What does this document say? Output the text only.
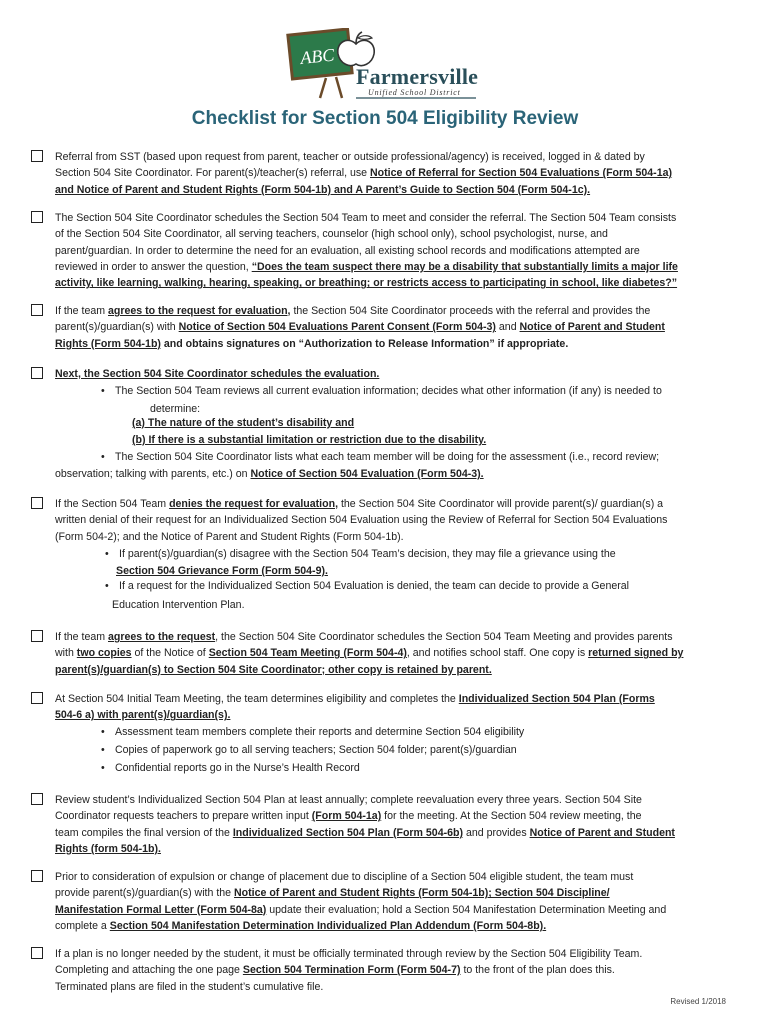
ABC
Farmersville
Unified School District
Checklist for Section 504 Eligibility Review
Referral from SST (based upon request from parent, teacher or outside professional/agency) is received, logged in & dated by
Section 504 Site Coordinator. For parent(s)/teacher(s) referral, use Notice of Referral for Section 504 Evaluations (Form 504-1a)
and Notice of Parent and Student Rights (Form 504-1b) and A Parent’s Guide to Section 504 (Form 504-1c).
The Section 504 Site Coordinator schedules the Section 504 Team to meet and consider the referral. The Section 504 Team consists
of the Section 504 Site Coordinator, all serving teachers, counselor (high school only), school psychologist, nurse, and
parent/guardian. In order to determine the need for an evaluation, all existing school records and modifications attempted are
reviewed in order to answer the question, “Does the team suspect there may be a disability that substantially limits a major life
activity, like learning, walking, hearing, speaking, or breathing; or restricts access to participating in school, like diabetes?”
If the team agrees to the request for evaluation, the Section 504 Site Coordinator proceeds with the referral and provides the
parent(s)/guardian(s) with Notice of Section 504 Evaluations Parent Consent (Form 504-3) and Notice of Parent and Student
Rights (Form 504-1b) and obtains signatures on “Authorization to Release Information” if appropriate.
Next, the Section 504 Site Coordinator schedules the evaluation.
• The Section 504 Team reviews all current evaluation information; decides what other information (if any) is needed to
determine:
(a) The nature of the student’s disability and
(b) If there is a substantial limitation or restriction due to the disability.
• The Section 504 Site Coordinator lists what each team member will be doing for the assessment (i.e., record review;
observation; talking with parents, etc.) on Notice of Section 504 Evaluation (Form 504-3).
If the Section 504 Team denies the request for evaluation, the Section 504 Site Coordinator will provide parent(s)/ guardian(s) a
written denial of their request for an Individualized Section 504 Evaluation using the Review of Referral for Section 504 Evaluations
(Form 504-2); and the Notice of Parent and Student Rights (Form 504-1b).
• If parent(s)/guardian(s) disagree with the Section 504 Team’s decision, they may file a grievance using the
Section 504 Grievance Form (Form 504-9).
• If a request for the Individualized Section 504 Evaluation is denied, the team can decide to provide a General
Education Intervention Plan.
If the team agrees to the request, the Section 504 Site Coordinator schedules the Section 504 Team Meeting and provides parents
with two copies of the Notice of Section 504 Team Meeting (Form 504-4), and notifies school staff. One copy is returned signed by
parent(s)/guardian(s) to Section 504 Site Coordinator; other copy is retained by parent.
At Section 504 Initial Team Meeting, the team determines eligibility and completes the Individualized Section 504 Plan (Forms
504-6 a) with parent(s)/guardian(s).
• Assessment team members complete their reports and determine Section 504 eligibility
• Copies of paperwork go to all serving teachers; Section 504 folder; parent(s)/guardian
• Confidential reports go in the Nurse’s Health Record
Review student’s Individualized Section 504 Plan at least annually; complete reevaluation every three years. Section 504 Site
Coordinator requests teachers to prepare written input (Form 504-1a) for the meeting. At the Section 504 review meeting, the
team compiles the final version of the Individualized Section 504 Plan (Form 504-6b) and provides Notice of Parent and Student
Rights (form 504-1b).
Prior to consideration of expulsion or change of placement due to discipline of a Section 504 eligible student, the team must
provide parent(s)/guardian(s) with the Notice of Parent and Student Rights (Form 504-1b); Section 504 Discipline/
Manifestation Formal Letter (Form 504-8a) update their evaluation; hold a Section 504 Manifestation Determination Meeting and
complete a Section 504 Manifestation Determination Individualized Plan Addendum (Form 504-8b).
If a plan is no longer needed by the student, it must be officially terminated through review by the Section 504 Eligibility Team.
Completing and attaching the one page Section 504 Termination Form (Form 504-7) to the front of the plan does this.
Terminated plans are filed in the student’s cumulative file.
Revised 1/2018
